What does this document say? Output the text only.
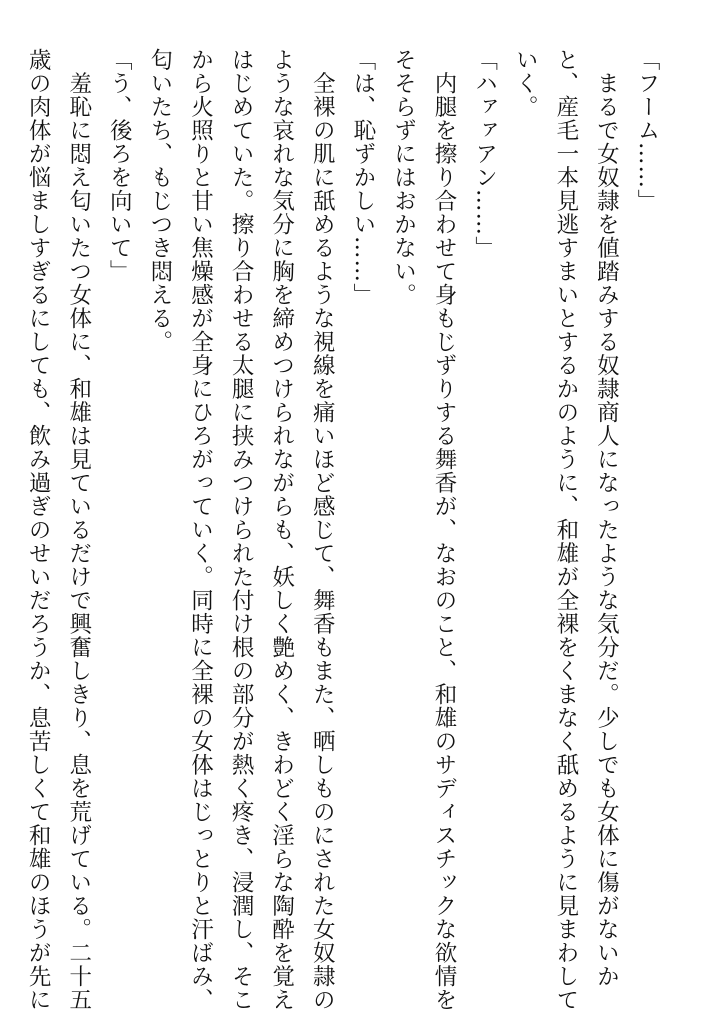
「フーム……」

　まるで女奴隷を値踏みする奴隷商人になったような気分だ。少しでも女体に傷がないか

と、産毛一本見逃すまいとするかのように、和雄が全裸をくまなく舐めるように見まわして

いく。

「ハァァアン……」

　内腿を擦り合わせて身もじずりする舞香が、なおのこと、和雄のサディスチックな欲情を

そそらずにはおかない。

「は、恥ずかしい……」

　全裸の肌に舐めるような視線を痛いほど感じて、舞香もまた、晒しものにされた女奴隷の

ような哀れな気分に胸を締めつけられながらも、妖しく艶めく、きわどく淫らな陶酔を覚え

はじめていた。擦り合わせる太腿に挟みつけられた付け根の部分が熱く疼き、浸潤し、そこ

から火照りと甘い焦燥感が全身にひろがっていく。同時に全裸の女体はじっとりと汗ばみ、

匂いたち、もじつき悶える。

「う、後ろを向いて」

　羞恥に悶え匂いたつ女体に、和雄は見ているだけで興奮しきり、息を荒げている。二十五

歳の肉体が悩ましすぎるにしても、飲み過ぎのせいだろうか、息苦しくて和雄のほうが先に
